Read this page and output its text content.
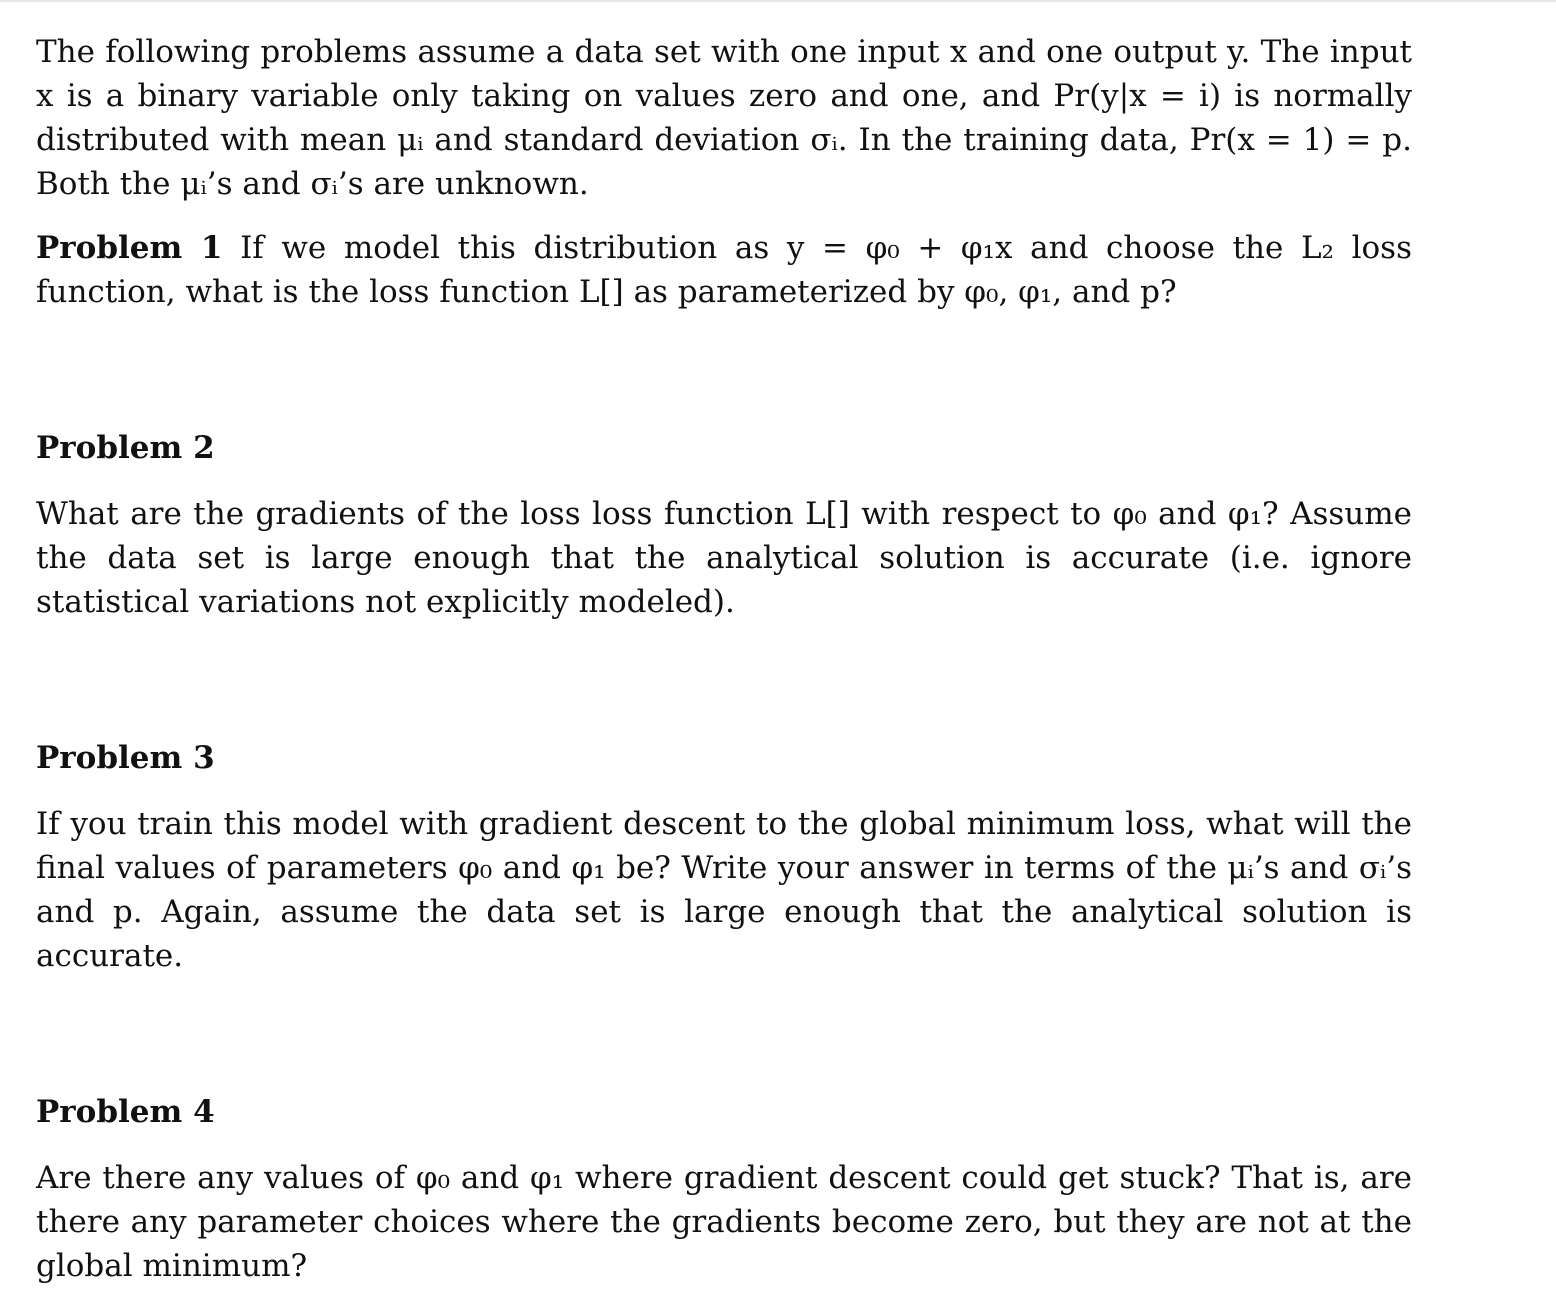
The following problems assume a data set with one input x and one output y. The input x is a binary variable only taking on values zero and one, and Pr(y|x = i) is normally distributed with mean μᵢ and standard deviation σᵢ. In the training data, Pr(x = 1) = p. Both the μᵢ’s and σᵢ’s are unknown.

Problem 1 If we model this distribution as y = φ₀ + φ₁x and choose the L₂ loss function, what is the loss function L[] as parameterized by φ₀, φ₁, and p?

Problem 2

What are the gradients of the loss loss function L[] with respect to φ₀ and φ₁? Assume the data set is large enough that the analytical solution is accurate (i.e. ignore statistical variations not explicitly modeled).

Problem 3

If you train this model with gradient descent to the global minimum loss, what will the final values of parameters φ₀ and φ₁ be? Write your answer in terms of the μᵢ’s and σᵢ’s and p. Again, assume the data set is large enough that the analytical solution is accurate.

Problem 4

Are there any values of φ₀ and φ₁ where gradient descent could get stuck? That is, are there any parameter choices where the gradients become zero, but they are not at the global minimum?
